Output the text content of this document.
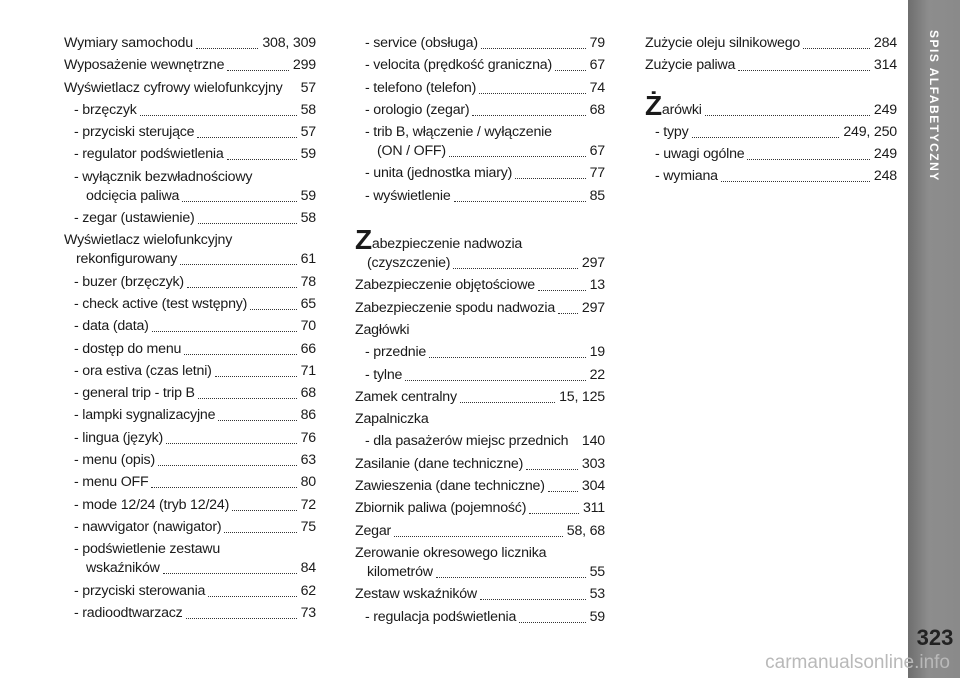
Wymiary samochodu	308, 309
Wyposażenie wewnętrzne	299
Wyświetlacz cyfrowy wielofunkcyjny 57
- brzęczyk	58
- przyciski sterujące	57
- regulator podświetlenia	59
- wyłącznik bezwładnościowy
odcięcia paliwa	59
- zegar (ustawienie)	58
Wyświetlacz wielofunkcyjny
rekonfigurowany	61
- buzer (brzęczyk)	78
- check active (test wstępny)	65
- data (data)	70
- dostęp do menu	66
- ora estiva (czas letni)	71
- general trip - trip B	68
- lampki sygnalizacyjne	86
- lingua (język)	76
- menu (opis)	63
- menu OFF	80
- mode 12/24 (tryb 12/24)	72
- nawvigator (nawigator)	75
- podświetlenie zestawu
wskaźników	84
- przyciski sterowania	62
- radioodtwarzacz	73
- service (obsługa)	79
- velocita (prędkość graniczna)	67
- telefono (telefon)	74
- orologio (zegar)	68
- trib B, włączenie / wyłączenie
(ON / OFF)	67
- unita (jednostka miary)	77
- wyświetlenie	85
Zabezpieczenie nadwozia
(czyszczenie)	297
Zabezpieczenie objętościowe	13
Zabezpieczenie spodu nadwozia 297
Zagłówki
- przednie	19
- tylne	22
Zamek centralny	15, 125
Zapalniczka
- dla pasażerów miejsc przednich 140
Zasilanie (dane techniczne)	303
Zawieszenia (dane techniczne)	304
Zbiornik paliwa (pojemność)	311
Zegar	58, 68
Zerowanie okresowego licznika
kilometrów	55
Zestaw wskaźników	53
- regulacja podświetlenia	59
Zużycie oleju silnikowego	284
Zużycie paliwa	314
Żarówki	249
- typy	249, 250
- uwagi ogólne	249
- wymiana	248	SPIS ALFABETYCZNY
323
carmanualsonline.info
